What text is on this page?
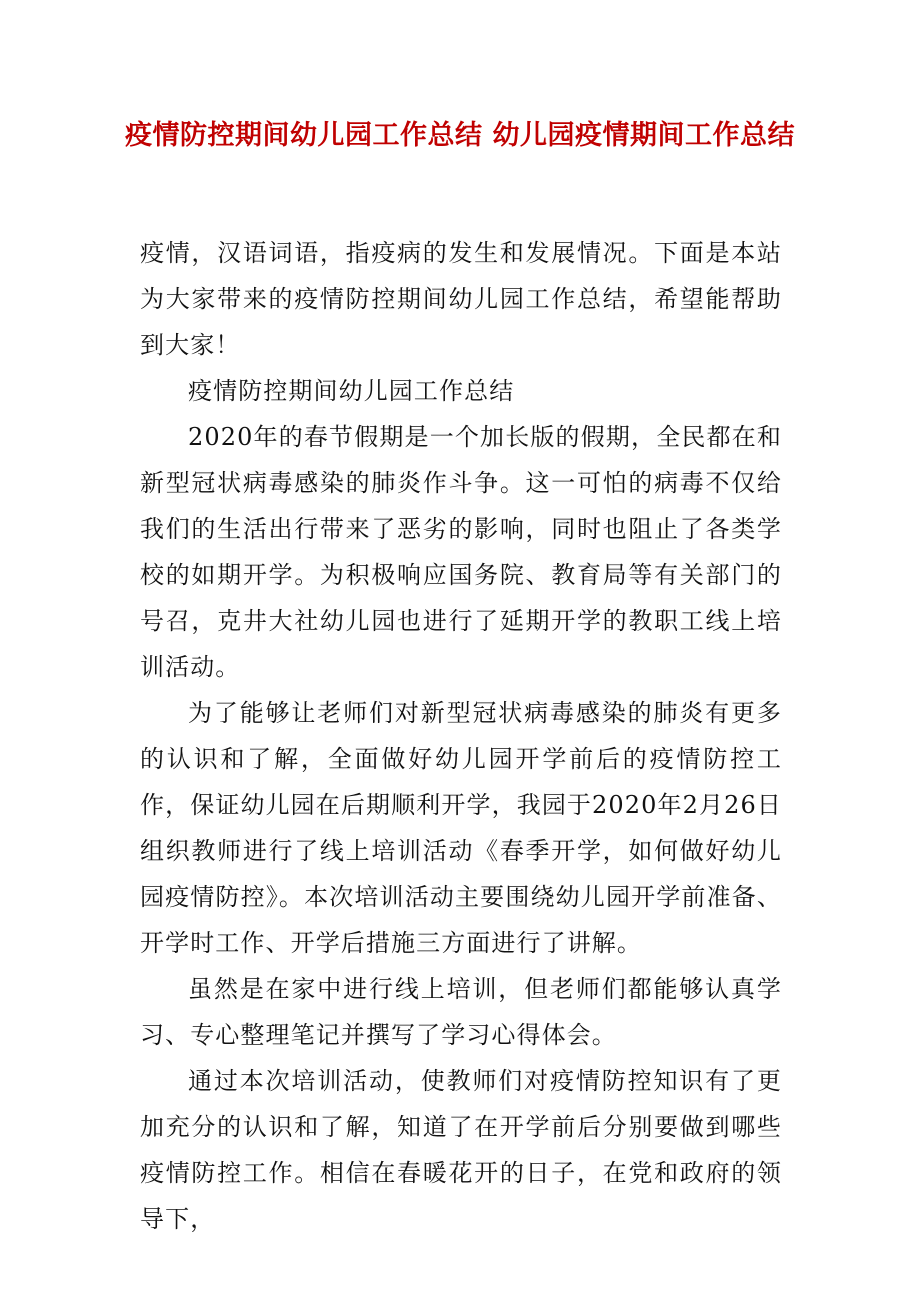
疫情防控期间幼儿园工作总结 幼儿园疫情期间工作总结

疫情，汉语词语，指疫病的发生和发展情况。下面是本站为大家带来的疫情防控期间幼儿园工作总结，希望能帮助到大家！

疫情防控期间幼儿园工作总结

2020年的春节假期是一个加长版的假期，全民都在和新型冠状病毒感染的肺炎作斗争。这一可怕的病毒不仅给我们的生活出行带来了恶劣的影响，同时也阻止了各类学校的如期开学。为积极响应国务院、教育局等有关部门的号召，克井大社幼儿园也进行了延期开学的教职工线上培训活动。

为了能够让老师们对新型冠状病毒感染的肺炎有更多的认识和了解，全面做好幼儿园开学前后的疫情防控工作，保证幼儿园在后期顺利开学，我园于2020年2月26日组织教师进行了线上培训活动《春季开学，如何做好幼儿园疫情防控》。本次培训活动主要围绕幼儿园开学前准备、开学时工作、开学后措施三方面进行了讲解。

虽然是在家中进行线上培训，但老师们都能够认真学习、专心整理笔记并撰写了学习心得体会。

通过本次培训活动，使教师们对疫情防控知识有了更加充分的认识和了解，知道了在开学前后分别要做到哪些疫情防控工作。相信在春暖花开的日子，在党和政府的领导下，
